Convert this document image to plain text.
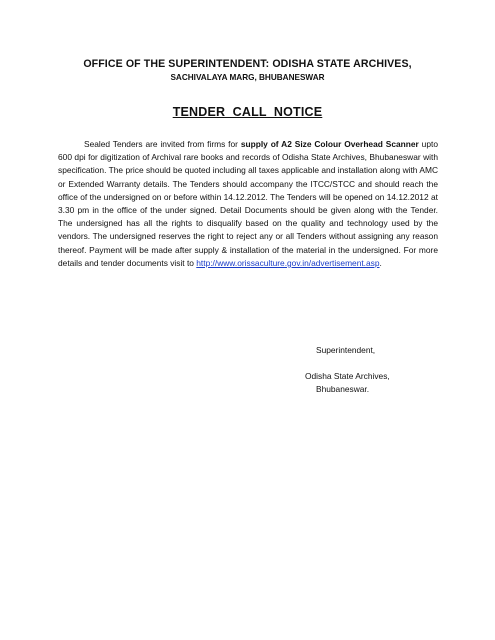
OFFICE OF THE SUPERINTENDENT: ODISHA STATE ARCHIVES,
SACHIVALAYA MARG, BHUBANESWAR
TENDER  CALL  NOTICE

Sealed Tenders are invited from firms for supply of A2 Size Colour Overhead Scanner upto 600 dpi for digitization of Archival rare books and records of Odisha State Archives, Bhubaneswar with specification. The price should be quoted including all taxes applicable and installation along with AMC or Extended Warranty details. The Tenders should accompany the ITCC/STCC and should reach the office of the undersigned on or before within 14.12.2012. The Tenders will be opened on 14.12.2012 at 3.30 pm in the office of the under signed. Detail Documents should be given along with the Tender. The undersigned has all the rights to disqualify based on the quality and technology used by the vendors. The undersigned reserves the right to reject any or all Tenders without assigning any reason thereof. Payment will be made after supply & installation of the material in the undersigned. For more details and tender documents visit to http://www.orissaculture.gov.in/advertisement.asp.

Superintendent,
Odisha State Archives,
Bhubaneswar.
